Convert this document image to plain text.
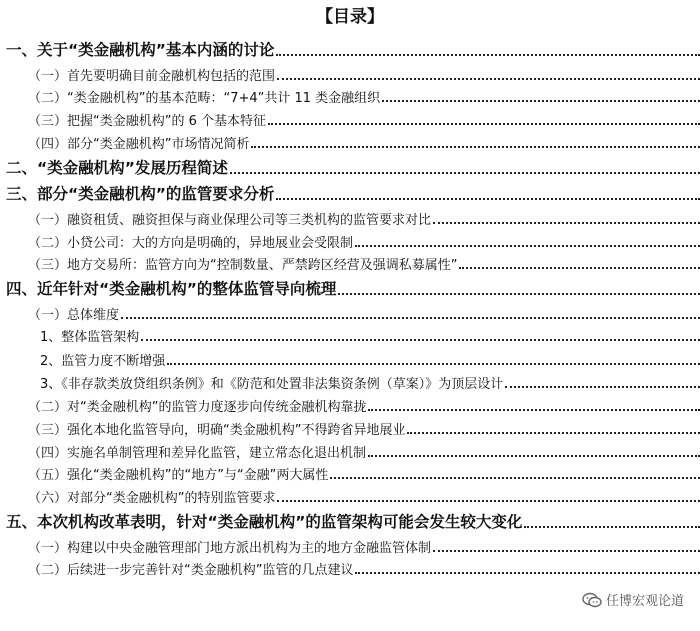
【目录】
一、关于“类金融机构”基本内涵的讨论
（一）首先要明确目前金融机构包括的范围
（二）“类金融机构”的基本范畴：“7+4”共计 11 类金融组织
（三）把握“类金融机构”的 6 个基本特征
（四）部分“类金融机构”市场情况简析
二、“类金融机构”发展历程简述
三、部分“类金融机构”的监管要求分析
（一）融资租赁、融资担保与商业保理公司等三类机构的监管要求对比
（二）小贷公司：大的方向是明确的，异地展业会受限制
（三）地方交易所：监管方向为“控制数量、严禁跨区经营及强调私募属性”
四、近年针对“类金融机构”的整体监管导向梳理
（一）总体维度
1、整体监管架构
2、监管力度不断增强
3、《非存款类放贷组织条例》和《防范和处置非法集资条例（草案）》为顶层设计
（二）对“类金融机构”的监管力度逐步向传统金融机构靠拢
（三）强化本地化监管导向，明确“类金融机构”不得跨省异地展业
（四）实施名单制管理和差异化监管，建立常态化退出机制
（五）强化“类金融机构”的“地方”与“金融”两大属性
（六）对部分“类金融机构”的特别监管要求
五、本次机构改革表明，针对“类金融机构”的监管架构可能会发生较大变化
（一）构建以中央金融管理部门地方派出机构为主的地方金融监管体制
（二）后续进一步完善针对“类金融机构”监管的几点建议
任博宏观论道
